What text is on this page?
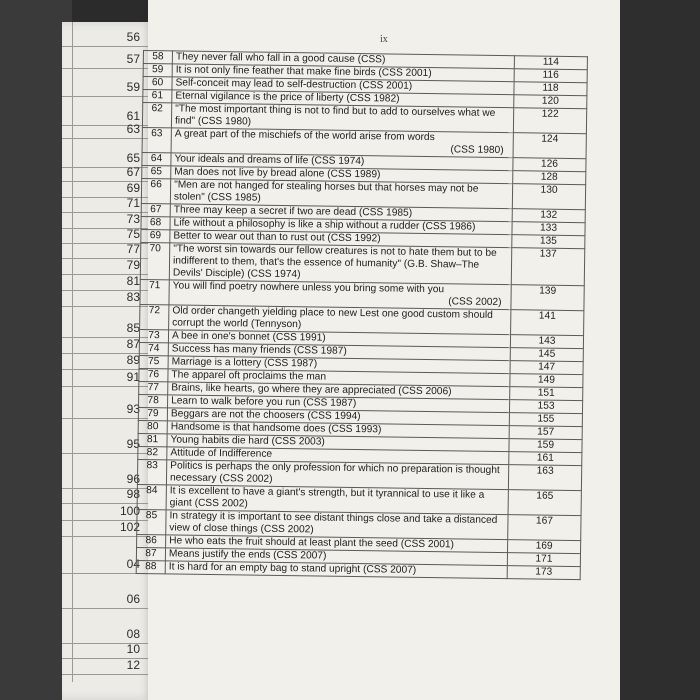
56
57
59
61
63
65
67
69
71
73
75
77
79
81
83
85
87
89
91
93
95
96
98
100
102
04
06
08
10
12
ix
58	They never fall who fall in a good cause (CSS)	114
59	It is not only fine feather that make fine birds (CSS 2001)	116
60	Self-conceit may lead to self-destruction (CSS 2001)	118
61	Eternal vigilance is the price of liberty (CSS 1982)	120
62	"The most important thing is not to find but to add to ourselves what we find" (CSS 1980)	122
63	A great part of the mischiefs of the world arise from words
(CSS 1980)	124
64	Your ideals and dreams of life (CSS 1974)	126
65	Man does not live by bread alone (CSS 1989)	128
66	"Men are not hanged for stealing horses but that horses may not be stolen" (CSS 1985)	130
67	Three may keep a secret if two are dead (CSS 1985)	132
68	Life without a philosophy is like a ship without a rudder (CSS 1986)	133
69	Better to wear out than to rust out (CSS 1992)	135
70	"The worst sin towards our fellow creatures is not to hate them but to be indifferent to them, that's the essence of humanity" (G.B. Shaw–The Devils' Disciple) (CSS 1974)	137
71	You will find poetry nowhere unless you bring some with you
(CSS 2002)	139
72	Old order changeth yielding place to new Lest one good custom should corrupt the world (Tennyson)	141
73	A bee in one's bonnet (CSS 1991)	143
74	Success has many friends (CSS 1987)	145
75	Marriage is a lottery (CSS 1987)	147
76	The apparel oft proclaims the man	149
77	Brains, like hearts, go where they are appreciated (CSS 2006)	151
78	Learn to walk before you run (CSS 1987)	153
79	Beggars are not the choosers (CSS 1994)	155
80	Handsome is that handsome does (CSS 1993)	157
81	Young habits die hard (CSS 2003)	159
82	Attitude of Indifference	161
83	Politics is perhaps the only profession for which no preparation is thought necessary (CSS 2002)	163
84	It is excellent to have a giant's strength, but it tyrannical to use it like a giant (CSS 2002)	165
85	In strategy it is important to see distant things close and take a distanced view of close things (CSS 2002)	167
86	He who eats the fruit should at least plant the seed (CSS 2001)	169
87	Means justify the ends (CSS 2007)	171
88	It is hard for an empty bag to stand upright (CSS 2007)	173
